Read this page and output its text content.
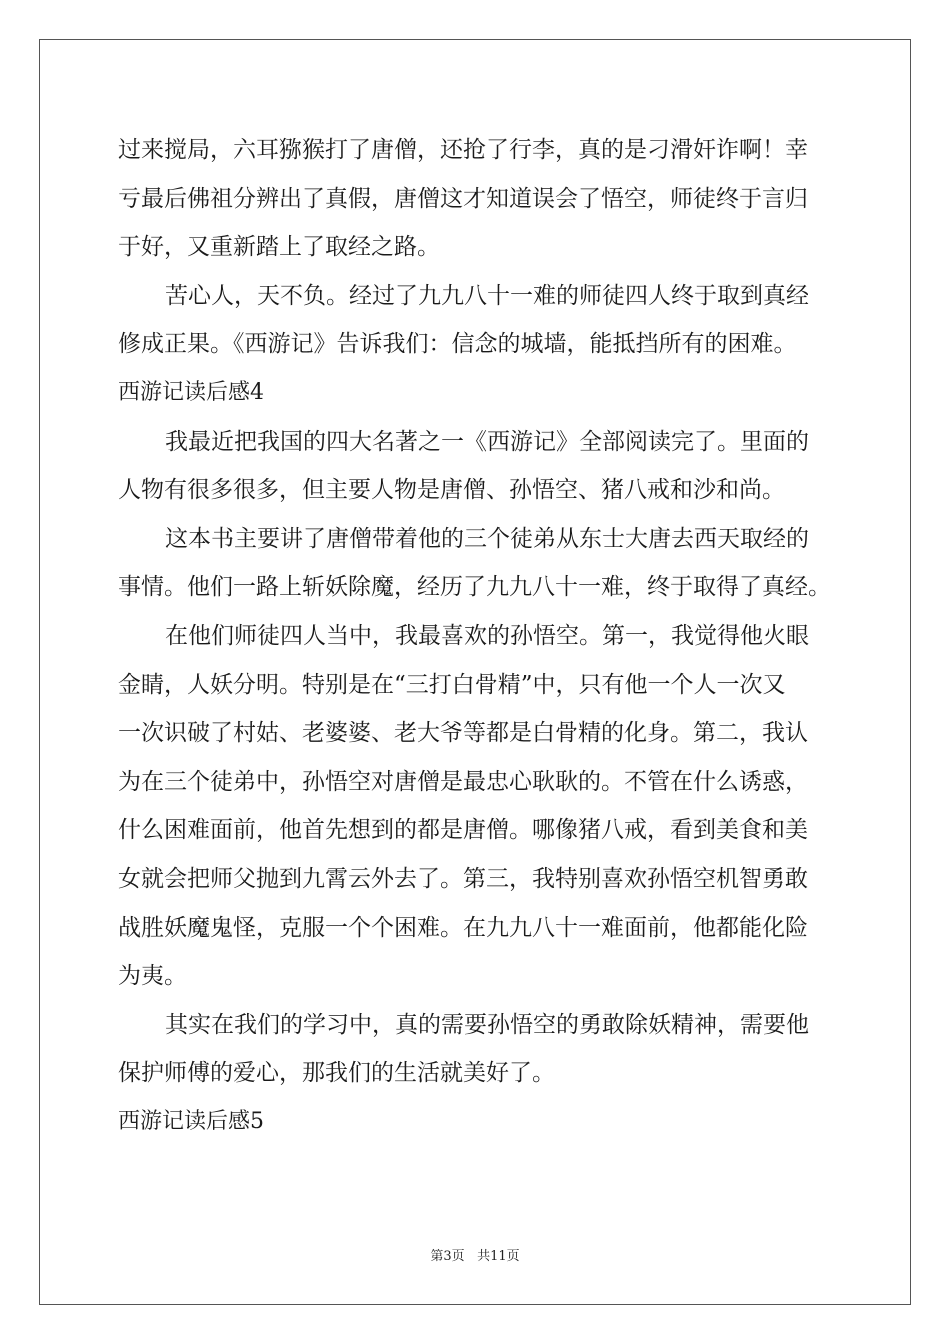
过来搅局，六耳猕猴打了唐僧，还抢了行李，真的是刁滑奸诈啊！幸
亏最后佛祖分辨出了真假，唐僧这才知道误会了悟空，师徒终于言归
于好，又重新踏上了取经之路。
苦心人，天不负。经过了九九八十一难的师徒四人终于取到真经
修成正果。《西游记》告诉我们：信念的城墙，能抵挡所有的困难。
西游记读后感4
我最近把我国的四大名著之一《西游记》全部阅读完了。里面的
人物有很多很多，但主要人物是唐僧、孙悟空、猪八戒和沙和尚。
这本书主要讲了唐僧带着他的三个徒弟从东士大唐去西天取经的
事情。他们一路上斩妖除魔，经历了九九八十一难，终于取得了真经。
在他们师徒四人当中，我最喜欢的孙悟空。第一，我觉得他火眼
金睛，人妖分明。特别是在“三打白骨精”中，只有他一个人一次又
一次识破了村姑、老婆婆、老大爷等都是白骨精的化身。第二，我认
为在三个徒弟中，孙悟空对唐僧是最忠心耿耿的。不管在什么诱惑，
什么困难面前，他首先想到的都是唐僧。哪像猪八戒，看到美食和美
女就会把师父抛到九霄云外去了。第三，我特别喜欢孙悟空机智勇敢
战胜妖魔鬼怪，克服一个个困难。在九九八十一难面前，他都能化险
为夷。
其实在我们的学习中，真的需要孙悟空的勇敢除妖精神，需要他
保护师傅的爱心，那我们的生活就美好了。
西游记读后感5
第3页 共11页
